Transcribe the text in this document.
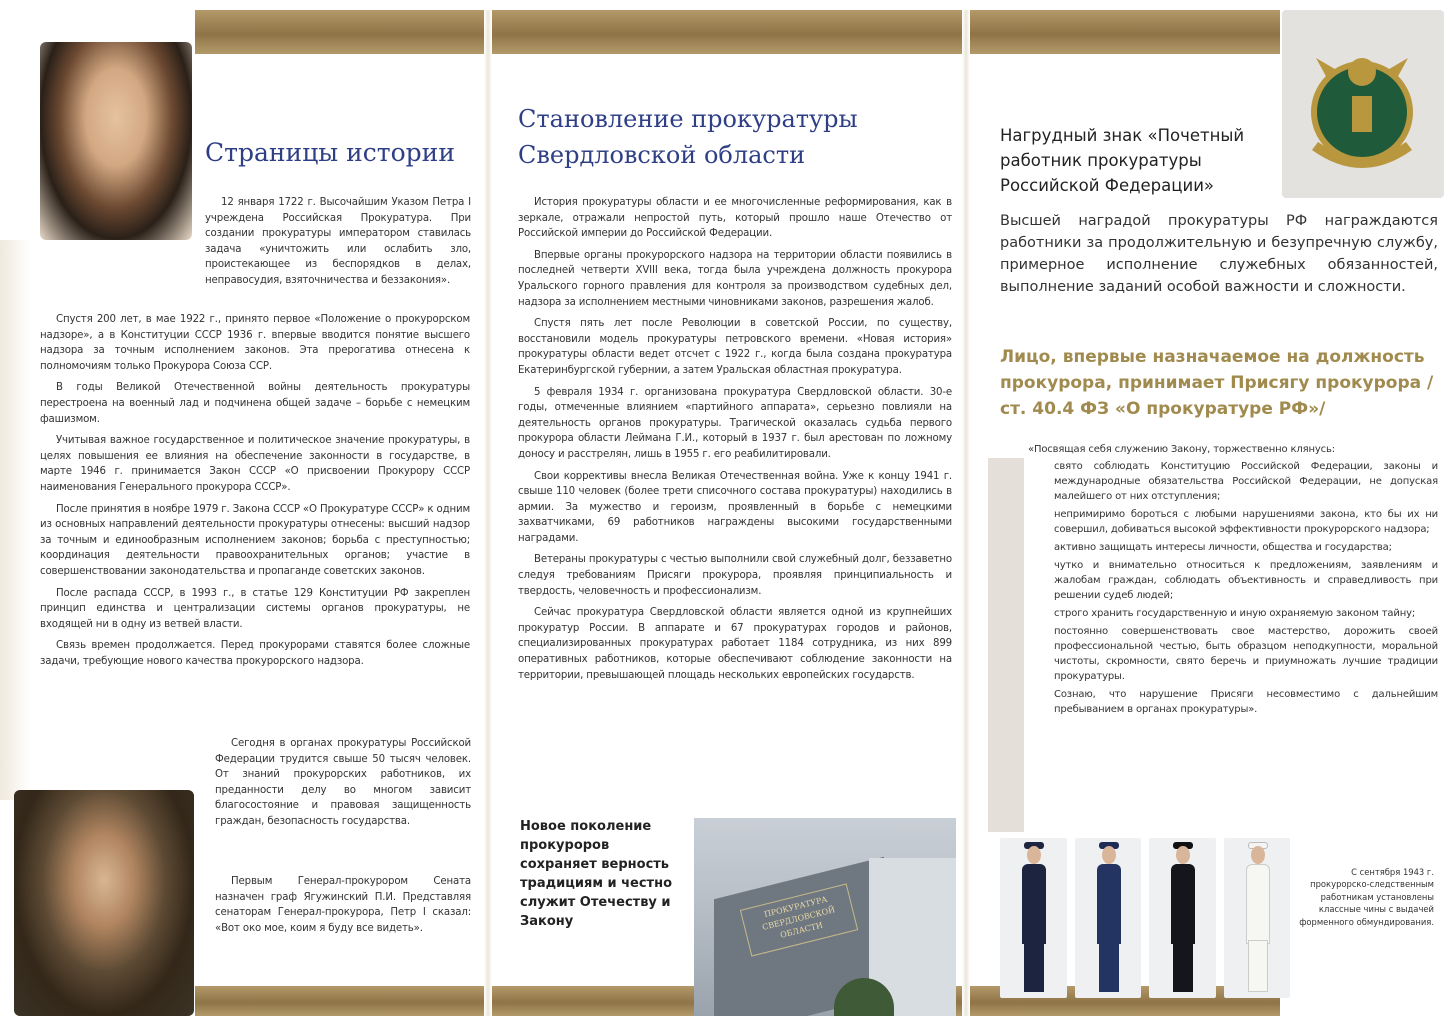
Страницы истории

12 января 1722 г. Высочайшим Указом Петра I учреждена Российская Прокуратура. При создании прокуратуры императором ставилась задача «уничтожить или ослабить зло, проистекающее из беспорядков в делах, неправосудия, взяточничества и беззакония».

Спустя 200 лет, в мае 1922 г., принято первое «Положение о прокурорском надзоре», а в Конституции СССР 1936 г. впервые вводится понятие высшего надзора за точным исполнением законов. Эта прерогатива отнесена к полномочиям только Прокурора Союза ССР.

В годы Великой Отечественной войны деятельность прокуратуры перестроена на военный лад и подчинена общей задаче – борьбе с немецким фашизмом.

Учитывая важное государственное и политическое значение прокуратуры, в целях повышения ее влияния на обеспечение законности в государстве, в марте 1946 г. принимается Закон СССР «О присвоении Прокурору СССР наименования Генерального прокурора СССР».

После принятия в ноябре 1979 г. Закона СССР «О Прокуратуре СССР» к одним из основных направлений деятельности прокуратуры отнесены: высший надзор за точным и единообразным исполнением законов; борьба с преступностью; координация деятельности правоохранительных органов; участие в совершенствовании законодательства и пропаганде советских законов.

После распада СССР, в 1993 г., в статье 129 Конституции РФ закреплен принцип единства и централизации системы органов прокуратуры, не входящей ни в одну из ветвей власти.

Связь времен продолжается. Перед прокурорами ставятся более сложные задачи, требующие нового качества прокурорского надзора.

Сегодня в органах прокуратуры Российской Федерации трудится свыше 50 тысяч человек. От знаний прокурорских работников, их преданности делу во многом зависит благосостояние и правовая защищенность граждан, безопасность государства.

Первым Генерал-прокурором Сената назначен граф Ягужинский П.И. Представляя сенаторам Генерал-прокурора, Петр I сказал: «Вот око мое, коим я буду все видеть».

Становление прокуратуры Свердловской области

История прокуратуры области и ее многочисленные реформирования, как в зеркале, отражали непростой путь, который прошло наше Отечество от Российской империи до Российской Федерации.

Впервые органы прокурорского надзора на территории области появились в последней четверти XVIII века, тогда была учреждена должность прокурора Уральского горного правления для контроля за производством судебных дел, надзора за исполнением местными чиновниками законов, разрешения жалоб.

Спустя пять лет после Революции в советской России, по существу, восстановили модель прокуратуры петровского времени. «Новая история» прокуратуры области ведет отсчет с 1922 г., когда была создана прокуратура Екатеринбургской губернии, а затем Уральская областная прокуратура.

5 февраля 1934 г. организована прокуратура Свердловской области. 30-е годы, отмеченные влиянием «партийного аппарата», серьезно повлияли на деятельность органов прокуратуры. Трагической оказалась судьба первого прокурора области Леймана Г.И., который в 1937 г. был арестован по ложному доносу и расстрелян, лишь в 1955 г. его реабилитировали.

Свои коррективы внесла Великая Отечественная война. Уже к концу 1941 г. свыше 110 человек (более трети списочного состава прокуратуры) находились в армии. За мужество и героизм, проявленный в борьбе с немецкими захватчиками, 69 работников награждены высокими государственными наградами.

Ветераны прокуратуры с честью выполнили свой служебный долг, беззаветно следуя требованиям Присяги прокурора, проявляя принципиальность и твердость, человечность и профессионализм.

Сейчас прокуратура Свердловской области является одной из крупнейших прокуратур России. В аппарате и 67 прокуратурах городов и районов, специализированных прокуратурах работает 1184 сотрудника, из них 899 оперативных работников, которые обеспечивают соблюдение законности на территории, превышающей площадь нескольких европейских государств.

Новое поколение прокуроров сохраняет верность традициям и честно служит Отечеству и Закону
ПРОКУРАТУРА СВЕРДЛОВСКОЙ ОБЛАСТИ
Нагрудный знак «Почетный работник прокуратуры Российской Федерации»
Высшей наградой прокуратуры РФ награждаются работники за продолжительную и безупречную службу, примерное исполнение служебных обязанностей, выполнение заданий особой важности и сложности.
Лицо, впервые назначаемое на должность прокурора, принимает Присягу прокурора /ст. 40.4 ФЗ «О прокуратуре РФ»/

«Посвящая себя служению Закону, торжественно клянусь:

свято соблюдать Конституцию Российской Федерации, законы и международные обязательства Российской Федерации, не допуская малейшего от них отступления;

непримиримо бороться с любыми нарушениями закона, кто бы их ни совершил, добиваться высокой эффективности прокурорского надзора;

активно защищать интересы личности, общества и государства;

чутко и внимательно относиться к предложениям, заявлениям и жалобам граждан, соблюдать объективность и справедливость при решении судеб людей;

строго хранить государственную и иную охраняемую законом тайну;

постоянно совершенствовать свое мастерство, дорожить своей профессиональной честью, быть образцом неподкупности, моральной чистоты, скромности, свято беречь и приумножать лучшие традиции прокуратуры.

Сознаю, что нарушение Присяги несовместимо с дальнейшим пребыванием в органах прокуратуры».

С сентября 1943 г. прокурорско-следственным работникам установлены классные чины с выдачей форменного обмундирования.
